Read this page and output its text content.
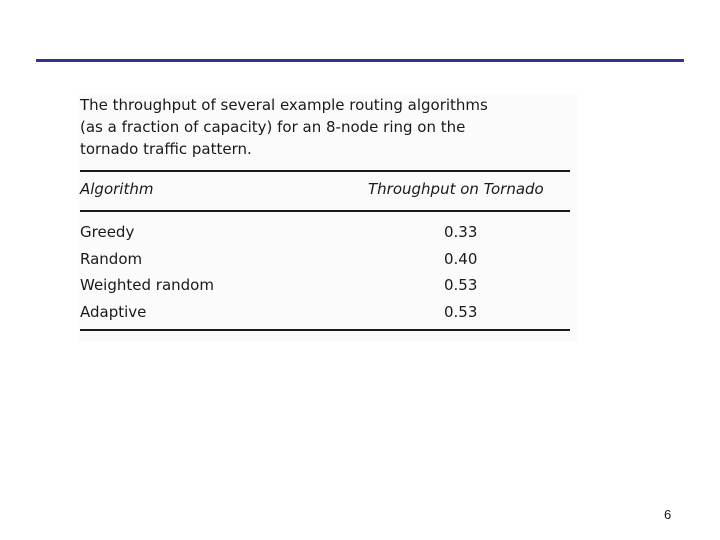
The throughput of several example routing algorithms
(as a fraction of capacity) for an 8-node ring on the
tornado traffic pattern.
Algorithm	Throughput on Tornado
Greedy	0.33
Random	0.40
Weighted random	0.53
Adaptive	0.53
6
